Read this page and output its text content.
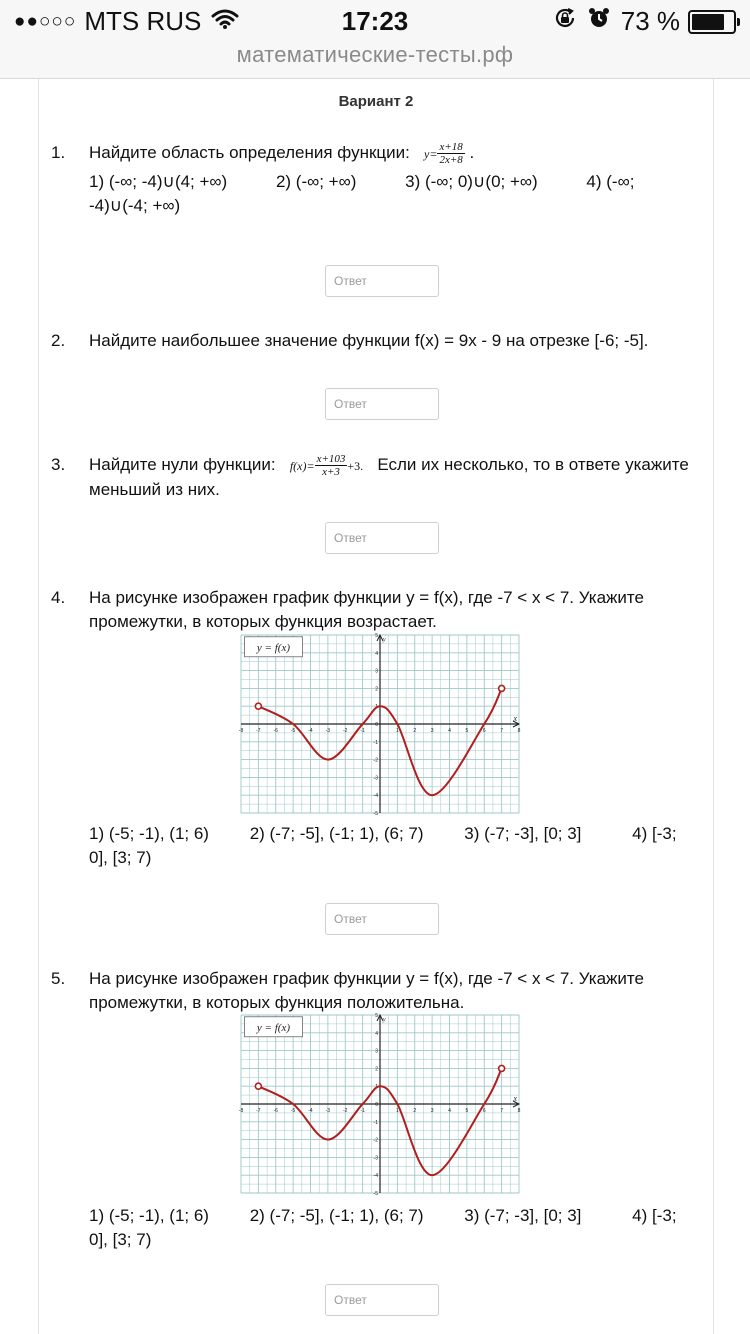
●●○○○ MTS RUS	17:23	73 %
математические-тесты.рф
Вариант 2
1. Найдите область определения функции: $y= \frac{x+18}{2x+8}$ .
1) (-∞; -4)∪(4; +∞)	2) (-∞; +∞)	3) (-∞; 0)∪(0; +∞)	4) (-∞; -4)∪(-4; +∞)
Ответ
2. Найдите наибольшее значение функции f(x) = 9x - 9 на отрезке [-6; -5].
Ответ
3. Найдите нули функции: $f(x)= \frac{x+103}{x+3} +3$. Если их несколько, то в ответе укажите меньший из них.
Ответ
4. На рисунке изображен график функции y = f(x), где -7 < x < 7. Укажите промежутки, в которых функция возрастает.
-8	-7	-6	-5	-4	-3	-2	-1	1	2	3	4	5	6	7	8
-5
-4
-3
-2
-1
0
1
2
3
4
5
x
y
y = f(x)
1) (-5; -1), (1; 6) 2) (-7; -5], (-1; 1), (6; 7) 3) (-7; -3], [0; 3]	4) [-3; 0], [3; 7)
Ответ
5. На рисунке изображен график функции y = f(x), где -7 < x < 7. Укажите промежутки, в которых функция положительна.
-8	-7	-6	-5	-4	-3	-2	-1	1	2	3	4	5	6	7	8
-5
-4
-3
-2
-1
0
1
2
3
4
5
x
y
y = f(x)
1) (-5; -1), (1; 6) 2) (-7; -5], (-1; 1), (6; 7) 3) (-7; -3], [0; 3]	4) [-3; 0], [3; 7)
Ответ
